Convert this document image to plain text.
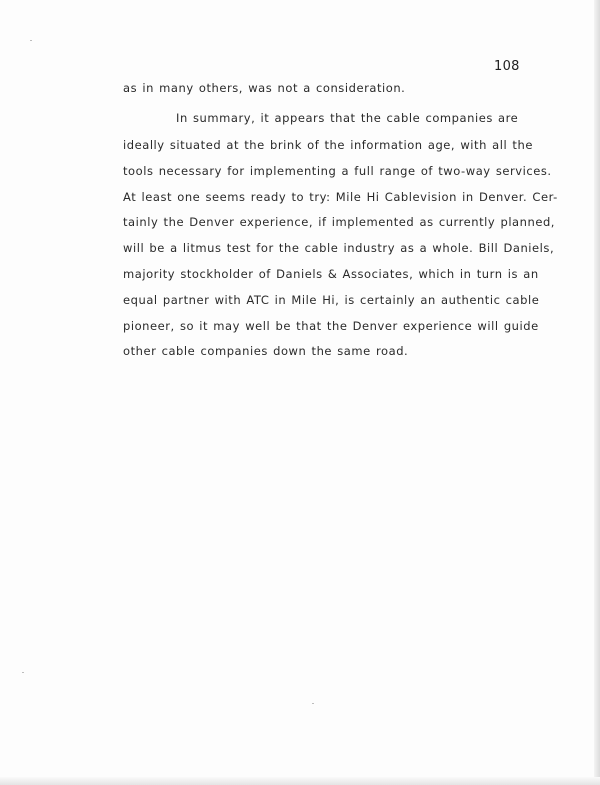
108
as in many others, was not a consideration.
In summary, it appears that the cable companies are
ideally situated at the brink of the information age, with all the
tools necessary for implementing a full range of two-way services.
At least one seems ready to try: Mile Hi Cablevision in Denver. Cer-
tainly the Denver experience, if implemented as currently planned,
will be a litmus test for the cable industry as a whole. Bill Daniels,
majority stockholder of Daniels & Associates, which in turn is an
equal partner with ATC in Mile Hi, is certainly an authentic cable
pioneer, so it may well be that the Denver experience will guide
other cable companies down the same road.
